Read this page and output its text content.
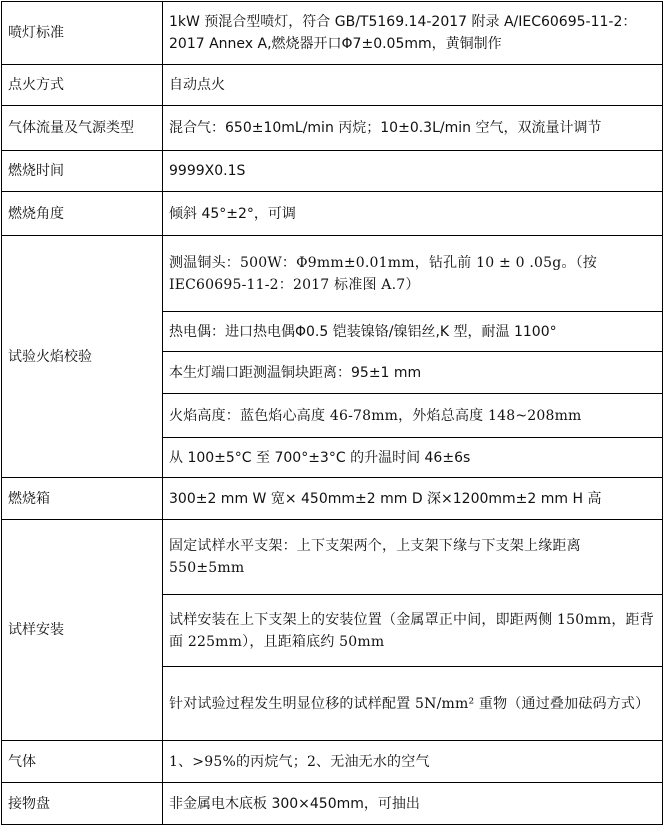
喷灯标准	1kW 预混合型喷灯，符合 GB/T5169.14-2017 附录 A/IEC60695-11-2：2017 Annex A,燃烧器开口Φ7±0.05mm，黄铜制作
点火方式	自动点火
气体流量及气源类型	混合气：650±10mL/min 丙烷；10±0.3L/min 空气，双流量计调节
燃烧时间	9999X0.1S
燃烧角度	倾斜 45°±2°，可调
试验火焰校验	测温铜头：500W：Φ9mm±0.01mm，钻孔前 10 ± 0 .05g。（按 IEC60695-11-2：2017 标准图 A.7）
	热电偶：进口热电偶Φ0.5 铠装镍铬/镍铝丝,K 型，耐温 1100°
	本生灯端口距测温铜块距离：95±1 mm
	火焰高度：蓝色焰心高度 46-78mm，外焰总高度 148~208mm
	从 100±5°C 至 700°±3°C 的升温时间 46±6s
燃烧箱	300±2 mm W 宽× 450mm±2 mm D 深×1200mm±2 mm H 高
试样安装	固定试样水平支架：上下支架两个，上支架下缘与下支架上缘距离 550±5mm
	试样安装在上下支架上的安装位置（金属罩正中间，即距两侧 150mm，距背面 225mm），且距箱底约 50mm
	针对试验过程发生明显位移的试样配置 5N/mm² 重物（通过叠加砝码方式）
气体	1、>95%的丙烷气；2、无油无水的空气
接物盘	非金属电木底板 300×450mm，可抽出
